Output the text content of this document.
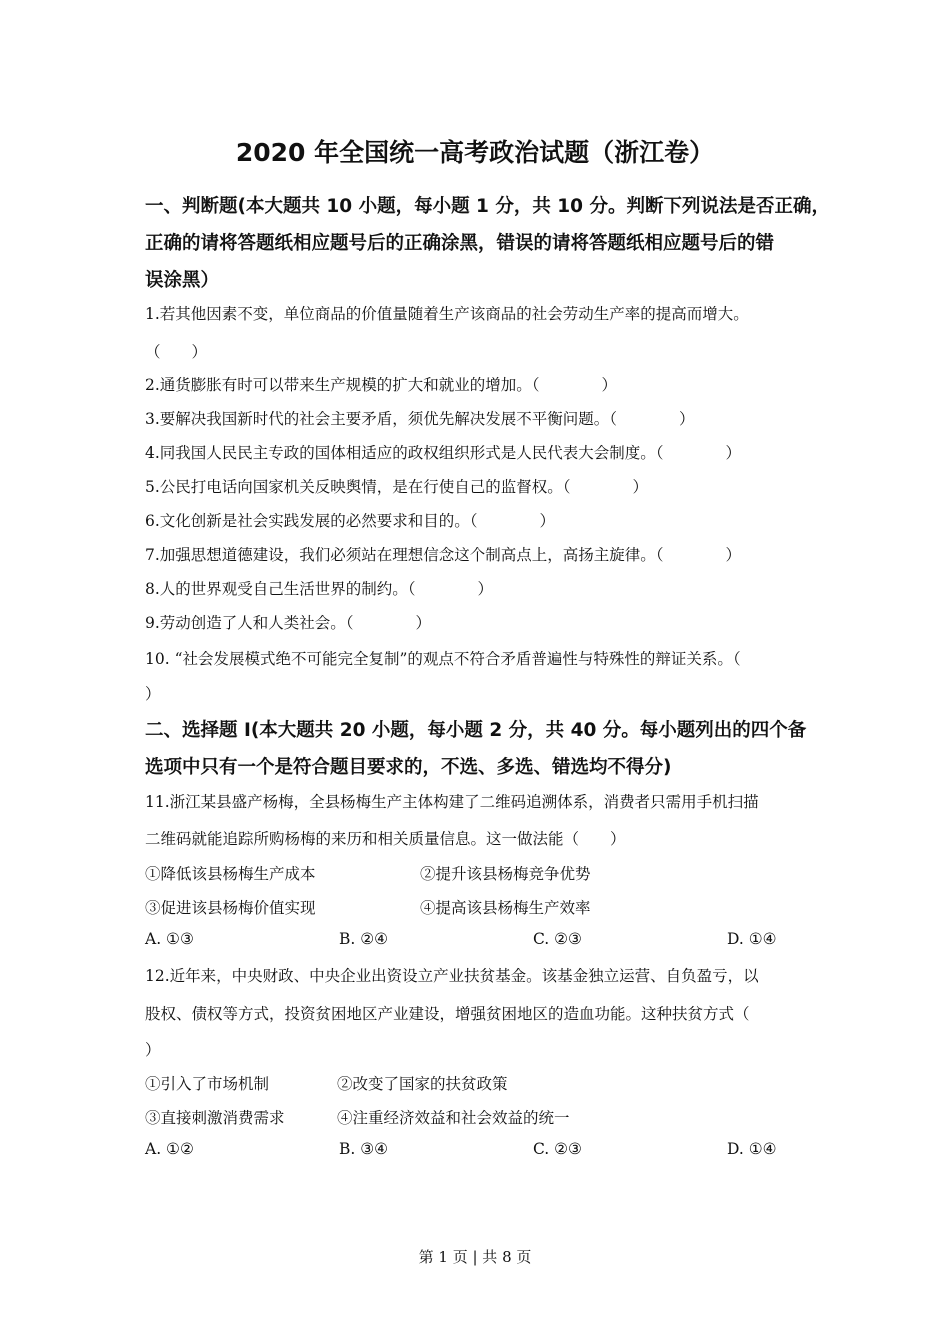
2020 年全国统一高考政治试题（浙江卷）
一、判断题(本大题共 10 小题，每小题 1 分，共 10 分。判断下列说法是否正确，
正确的请将答题纸相应题号后的正确涂黑，错误的请将答题纸相应题号后的错
误涂黑）
1.若其他因素不变，单位商品的价值量随着生产该商品的社会劳动生产率的提高而增大。
（　　）
2.通货膨胀有时可以带来生产规模的扩大和就业的增加。（　　　　）
3.要解决我国新时代的社会主要矛盾，须优先解决发展不平衡问题。（　　　　）
4.同我国人民民主专政的国体相适应的政权组织形式是人民代表大会制度。（　　　　）
5.公民打电话向国家机关反映舆情，是在行使自己的监督权。（　　　　）
6.文化创新是社会实践发展的必然要求和目的。（　　　　）
7.加强思想道德建设，我们必须站在理想信念这个制高点上，高扬主旋律。（　　　　）
8.人的世界观受自己生活世界的制约。（　　　　）
9.劳动创造了人和人类社会。（　　　　）
10. “社会发展模式绝不可能完全复制”的观点不符合矛盾普遍性与特殊性的辩证关系。（
）
二、选择题 I(本大题共 20 小题，每小题 2 分，共 40 分。每小题列出的四个备
选项中只有一个是符合题目要求的，不选、多选、错选均不得分)
11.浙江某县盛产杨梅，全县杨梅生产主体构建了二维码追溯体系，消费者只需用手机扫描
二维码就能追踪所购杨梅的来历和相关质量信息。这一做法能（　　）
①降低该县杨梅生产成本	②提升该县杨梅竞争优势
③促进该县杨梅价值实现	④提高该县杨梅生产效率
A. ①③	B. ②④	C. ②③	D. ①④
12.近年来，中央财政、中央企业出资设立产业扶贫基金。该基金独立运营、自负盈亏，以
股权、债权等方式，投资贫困地区产业建设，增强贫困地区的造血功能。这种扶贫方式（
）
①引入了市场机制	②改变了国家的扶贫政策
③直接刺激消费需求	④注重经济效益和社会效益的统一
A. ①②	B. ③④	C. ②③	D. ①④
第 1 页 | 共 8 页
